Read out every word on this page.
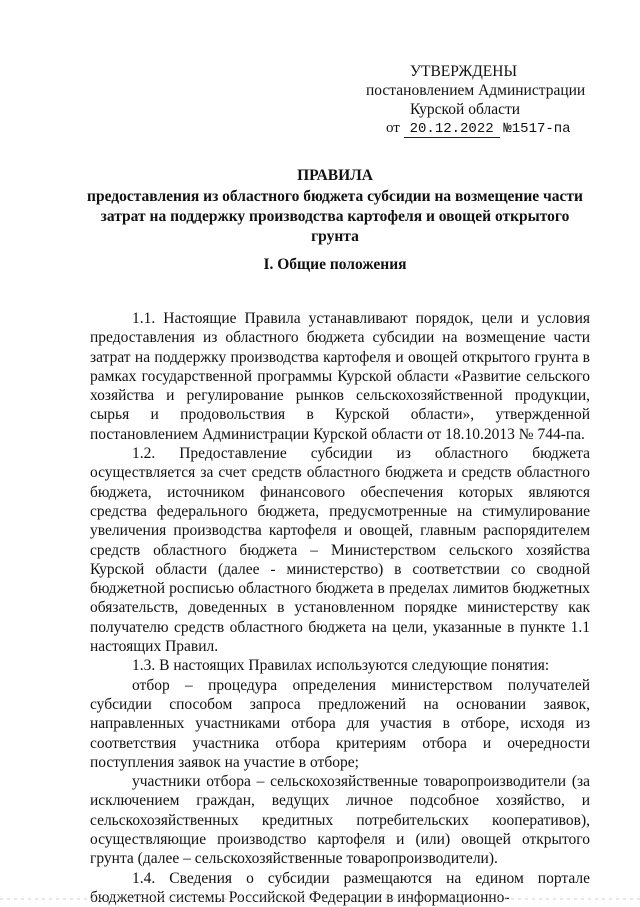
УТВЕРЖДЕНЫ
постановлением Администрации
Курской области
от 20.12.2022 №1517-па
ПРАВИЛА
предоставления из областного бюджета субсидии на возмещение части затрат на поддержку производства картофеля и овощей открытого грунта
I. Общие положения

1.1. Настоящие Правила устанавливают порядок, цели и условия предоставления из областного бюджета субсидии на возмещение части затрат на поддержку производства картофеля и овощей открытого грунта в рамках государственной программы Курской области «Развитие сельского хозяйства и регулирование рынков сельскохозяйственной продукции, сырья и продовольствия в Курской области», утвержденной постановлением Администрации Курской области от 18.10.2013 № 744-па.

1.2. Предоставление субсидии из областного бюджета осуществляется за счет средств областного бюджета и средств областного бюджета, источником финансового обеспечения которых являются средства федерального бюджета, предусмотренные на стимулирование увеличения производства картофеля и овощей, главным распорядителем средств областного бюджета – Министерством сельского хозяйства Курской области (далее - министерство) в соответствии со сводной бюджетной росписью областного бюджета в пределах лимитов бюджетных обязательств, доведенных в установленном порядке министерству как получателю средств областного бюджета на цели, указанные в пункте 1.1 настоящих Правил.

1.3. В настоящих Правилах используются следующие понятия:

отбор – процедура определения министерством получателей субсидии способом запроса предложений на основании заявок, направленных участниками отбора для участия в отборе, исходя из соответствия участника отбора критериям отбора и очередности поступления заявок на участие в отборе;

участники отбора – сельскохозяйственные товаропроизводители (за исключением граждан, ведущих личное подсобное хозяйство, и сельскохозяйственных кредитных потребительских кооперативов), осуществляющие производство картофеля и (или) овощей открытого грунта (далее – сельскохозяйственные товаропроизводители).

1.4. Сведения о субсидии размещаются на едином портале бюджетной системы Российской Федерации в информационно-
